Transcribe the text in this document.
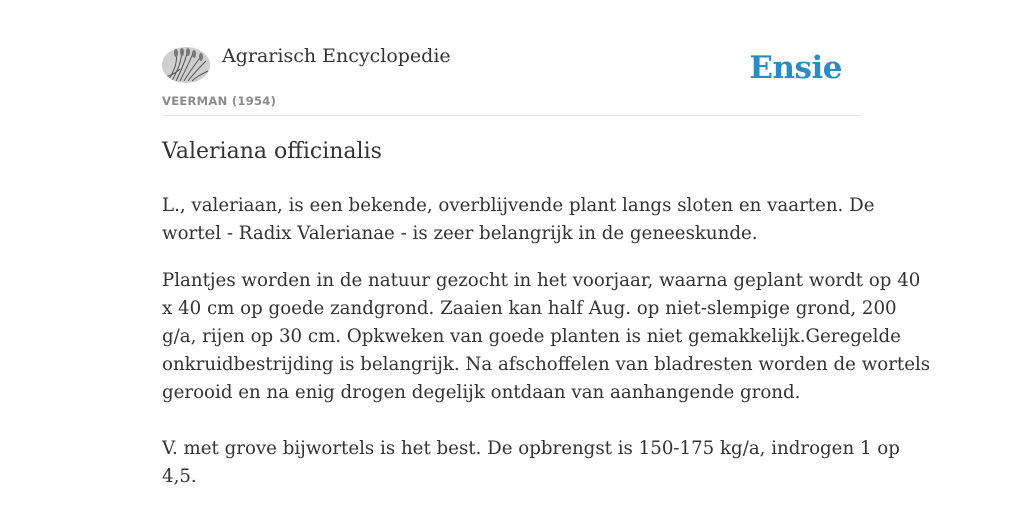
Agrarisch Encyclopedie
VEERMAN (1954)
Ensie
Valeriana officinalis

L., valeriaan, is een bekende, overblijvende plant langs sloten en vaarten. De
wortel - Radix Valerianae - is zeer belangrijk in de geneeskunde.

Plantjes worden in de natuur gezocht in het voorjaar, waarna geplant wordt op 40
x 40 cm op goede zandgrond. Zaaien kan half Aug. op niet-slempige grond, 200
g/a, rijen op 30 cm. Opkweken van goede planten is niet gemakkelijk.Geregelde
onkruidbestrijding is belangrijk. Na afschoffelen van bladresten worden de wortels
gerooid en na enig drogen degelijk ontdaan van aanhangende grond.
V. met grove bijwortels is het best. De opbrengst is 150-175 kg/a, indrogen 1 op
4,5.
